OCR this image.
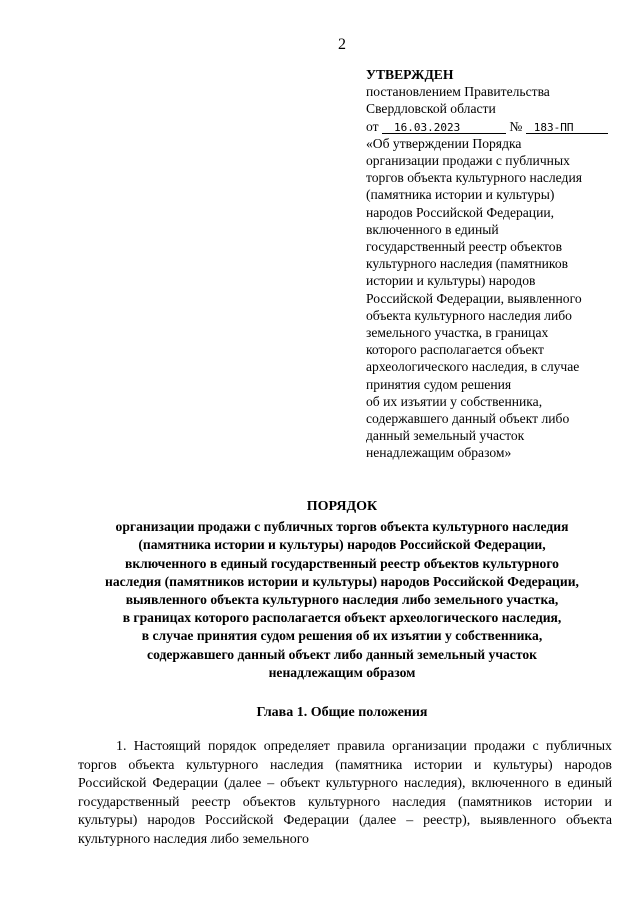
2

УТВЕРЖДЕН

постановлением Правительства

Свердловской области

от 16.03.2023	№ 183-ПП

«Об утверждении Порядка
организации продажи с публичных
торгов объекта культурного наследия
(памятника истории и культуры)
народов Российской Федерации,
включенного в единый
государственный реестр объектов
культурного наследия (памятников
истории и культуры) народов
Российской Федерации, выявленного
объекта культурного наследия либо
земельного участка, в границах
которого располагается объект
археологического наследия, в случае
принятия судом решения
об их изъятии у собственника,
содержавшего данный объект либо
данный земельный участок
ненадлежащим образом»
ПОРЯДОК
организации продажи с публичных торгов объекта культурного наследия
(памятника истории и культуры) народов Российской Федерации,
включенного в единый государственный реестр объектов культурного
наследия (памятников истории и культуры) народов Российской Федерации,
выявленного объекта культурного наследия либо земельного участка,
в границах которого располагается объект археологического наследия,
в случае принятия судом решения об их изъятии у собственника,
содержавшего данный объект либо данный земельный участок
ненадлежащим образом
Глава 1. Общие положения

1. Настоящий порядок определяет правила организации продажи с публичных торгов объекта культурного наследия (памятника истории и культуры) народов Российской Федерации (далее – объект культурного наследия), включенного в единый государственный реестр объектов культурного наследия (памятников истории и культуры) народов Российской Федерации (далее – реестр), выявленного объекта культурного наследия либо земельного
